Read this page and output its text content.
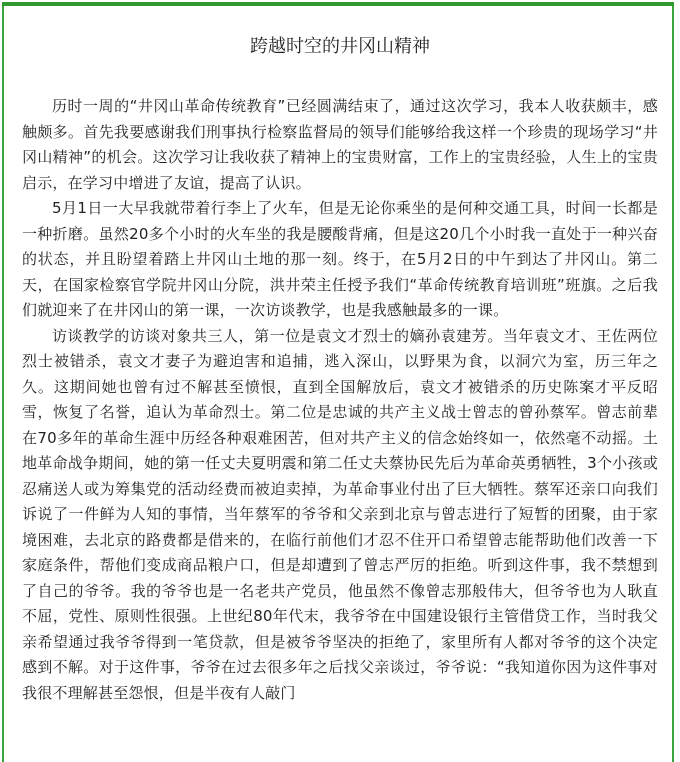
跨越时空的井冈山精神

历时一周的“井冈山革命传统教育”已经圆满结束了，通过这次学习，我本人收获颇丰，感触颇多。首先我要感谢我们刑事执行检察监督局的领导们能够给我这样一个珍贵的现场学习“井冈山精神”的机会。这次学习让我收获了精神上的宝贵财富，工作上的宝贵经验，人生上的宝贵启示，在学习中增进了友谊，提高了认识。

5月1日一大早我就带着行李上了火车，但是无论你乘坐的是何种交通工具，时间一长都是一种折磨。虽然20多个小时的火车坐的我是腰酸背痛，但是这20几个小时我一直处于一种兴奋的状态，并且盼望着踏上井冈山土地的那一刻。终于，在5月2日的中午到达了井冈山。第二天，在国家检察官学院井冈山分院，洪井荣主任授予我们“革命传统教育培训班”班旗。之后我们就迎来了在井冈山的第一课，一次访谈教学，也是我感触最多的一课。

访谈教学的访谈对象共三人，第一位是袁文才烈士的嫡孙袁建芳。当年袁文才、王佐两位烈士被错杀，袁文才妻子为避迫害和追捕，逃入深山，以野果为食，以洞穴为室，历三年之久。这期间她也曾有过不解甚至愤恨，直到全国解放后，袁文才被错杀的历史陈案才平反昭雪，恢复了名誉，追认为革命烈士。第二位是忠诚的共产主义战士曾志的曾孙蔡军。曾志前辈在70多年的革命生涯中历经各种艰难困苦，但对共产主义的信念始终如一，依然毫不动摇。土地革命战争期间，她的第一任丈夫夏明震和第二任丈夫蔡协民先后为革命英勇牺牲，3个小孩或忍痛送人或为筹集党的活动经费而被迫卖掉，为革命事业付出了巨大牺牲。蔡军还亲口向我们诉说了一件鲜为人知的事情，当年蔡军的爷爷和父亲到北京与曾志进行了短暂的团聚，由于家境困难，去北京的路费都是借来的，在临行前他们才忍不住开口希望曾志能帮助他们改善一下家庭条件，帮他们变成商品粮户口，但是却遭到了曾志严厉的拒绝。听到这件事，我不禁想到了自己的爷爷。我的爷爷也是一名老共产党员，他虽然不像曾志那般伟大，但爷爷也为人耿直不屈，党性、原则性很强。上世纪80年代末，我爷爷在中国建设银行主管借贷工作，当时我父亲希望通过我爷爷得到一笔贷款，但是被爷爷坚决的拒绝了，家里所有人都对爷爷的这个决定感到不解。对于这件事，爷爷在过去很多年之后找父亲谈过，爷爷说：“我知道你因为这件事对我很不理解甚至怨恨，但是半夜有人敲门
